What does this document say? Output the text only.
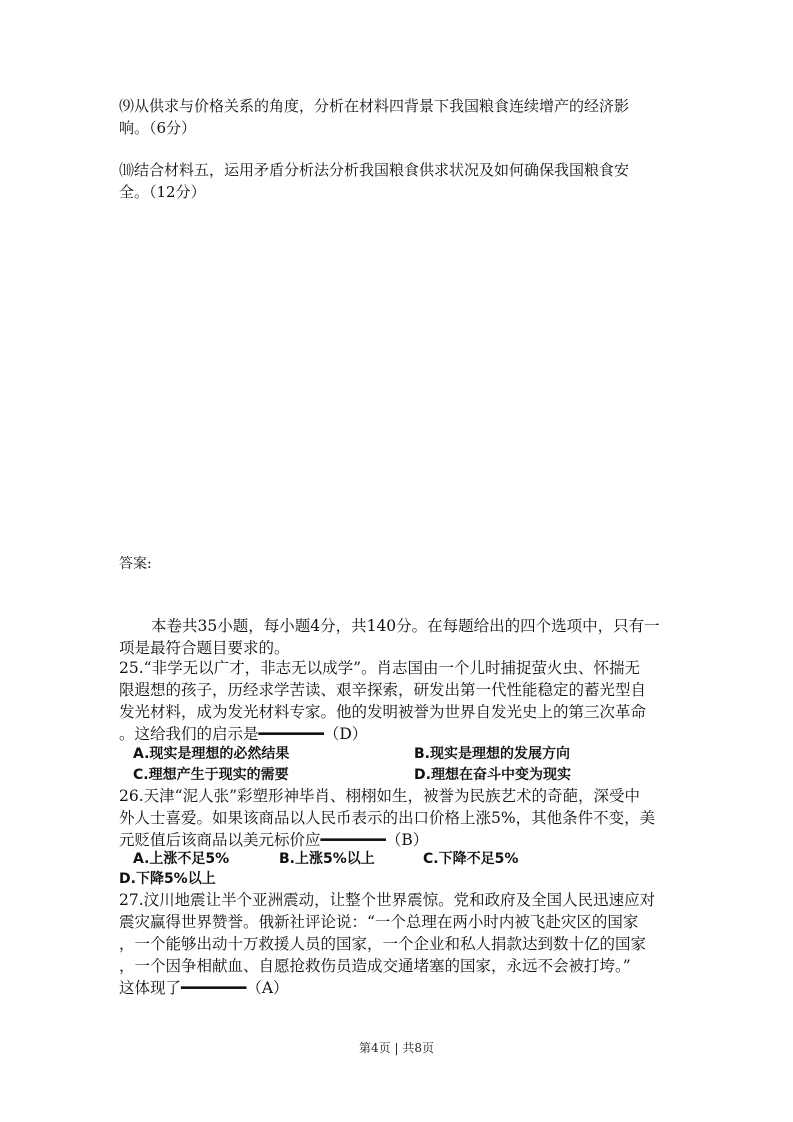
⑼从供求与价格关系的角度，分析在材料四背景下我国粮食连续增产的经济影
响。（6分）
⑽结合材料五，运用矛盾分析法分析我国粮食供求状况及如何确保我国粮食安
全。（12分）
答案:
本卷共35小题，每小题4分，共140分。在每题给出的四个选项中，只有一
项是最符合题目要求的。
25.“非学无以广才，非志无以成学”。肖志国由一个儿时捕捉萤火虫、怀揣无
限遐想的孩子，历经求学苦读、艰辛探索，研发出第一代性能稳定的蓄光型自
发光材料，成为发光材料专家。他的发明被誉为世界自发光史上的第三次革命
。这给我们的启示是━━━━━━━（D）
A.现实是理想的必然结果	B.现实是理想的发展方向
C.理想产生于现实的需要	D.理想在奋斗中变为现实
26.天津“泥人张”彩塑形神毕肖、栩栩如生，被誉为民族艺术的奇葩，深受中
外人士喜爱。如果该商品以人民币表示的出口价格上涨5%，其他条件不变，美
元贬值后该商品以美元标价应━━━━━━━（B）
A.上涨不足5%	B.上涨5%以上	C.下降不足5%
D.下降5%以上
27.汶川地震让半个亚洲震动，让整个世界震惊。党和政府及全国人民迅速应对
震灾赢得世界赞誉。俄新社评论说：“一个总理在两小时内被飞赴灾区的国家
，一个能够出动十万救援人员的国家，一个企业和私人捐款达到数十亿的国家
，一个因争相献血、自愿抢救伤员造成交通堵塞的国家，永远不会被打垮。”
这体现了━━━━━━━（A）
第4页 | 共8页
